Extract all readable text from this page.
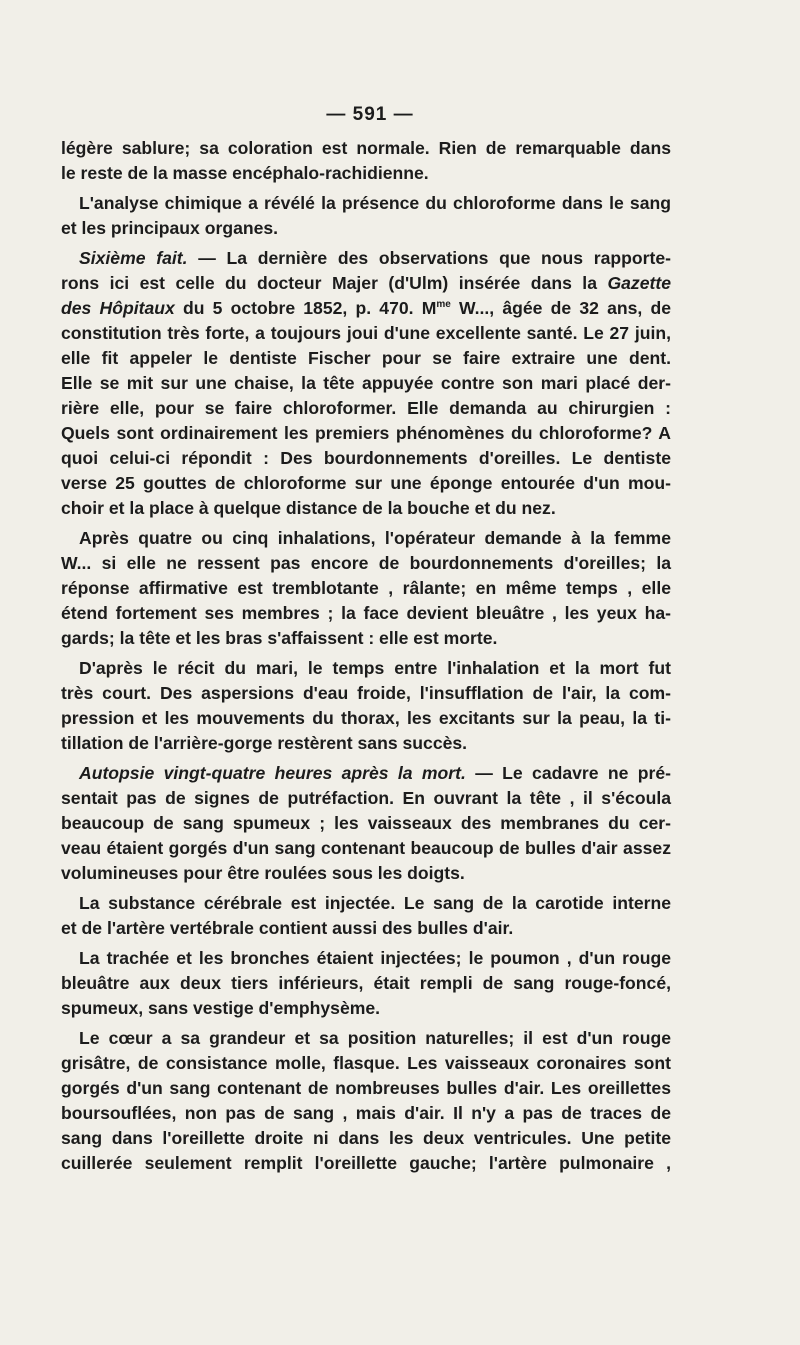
— 591 —
légère sablure; sa coloration est normale. Rien de remarquable dans
le reste de la masse encéphalo-rachidienne.
L'analyse chimique a révélé la présence du chloroforme dans le sang
et les principaux organes.
Sixième fait. — La dernière des observations que nous rapporte-
rons ici est celle du docteur Majer (d'Ulm) insérée dans la Gazette
des Hôpitaux du 5 octobre 1852, p. 470. $M^{me}$ W..., âgée de 32 ans, de
constitution très forte, a toujours joui d'une excellente santé. Le 27 juin,
elle fit appeler le dentiste Fischer pour se faire extraire une dent.
Elle se mit sur une chaise, la tête appuyée contre son mari placé der-
rière elle, pour se faire chloroformer. Elle demanda au chirurgien :
Quels sont ordinairement les premiers phénomènes du chloroforme? A
quoi celui-ci répondit : Des bourdonnements d'oreilles. Le dentiste
verse 25 gouttes de chloroforme sur une éponge entourée d'un mou-
choir et la place à quelque distance de la bouche et du nez.
Après quatre ou cinq inhalations, l'opérateur demande à la femme
W... si elle ne ressent pas encore de bourdonnements d'oreilles; la
réponse affirmative est tremblotante , râlante; en même temps , elle
étend fortement ses membres ; la face devient bleuâtre , les yeux ha-
gards; la tête et les bras s'affaissent : elle est morte.
D'après le récit du mari, le temps entre l'inhalation et la mort fut
très court. Des aspersions d'eau froide, l'insufflation de l'air, la com-
pression et les mouvements du thorax, les excitants sur la peau, la ti-
tillation de l'arrière-gorge restèrent sans succès.
Autopsie vingt-quatre heures après la mort. — Le cadavre ne pré-
sentait pas de signes de putréfaction. En ouvrant la tête , il s'écoula
beaucoup de sang spumeux ; les vaisseaux des membranes du cer-
veau étaient gorgés d'un sang contenant beaucoup de bulles d'air assez
volumineuses pour être roulées sous les doigts.
La substance cérébrale est injectée. Le sang de la carotide interne
et de l'artère vertébrale contient aussi des bulles d'air.
La trachée et les bronches étaient injectées; le poumon , d'un rouge
bleuâtre aux deux tiers inférieurs, était rempli de sang rouge-foncé,
spumeux, sans vestige d'emphysème.
Le cœur a sa grandeur et sa position naturelles; il est d'un rouge
grisâtre, de consistance molle, flasque. Les vaisseaux coronaires sont
gorgés d'un sang contenant de nombreuses bulles d'air. Les oreillettes
boursouflées, non pas de sang , mais d'air. Il n'y a pas de traces de
sang dans l'oreillette droite ni dans les deux ventricules. Une petite
cuillerée seulement remplit l'oreillette gauche; l'artère pulmonaire ,
